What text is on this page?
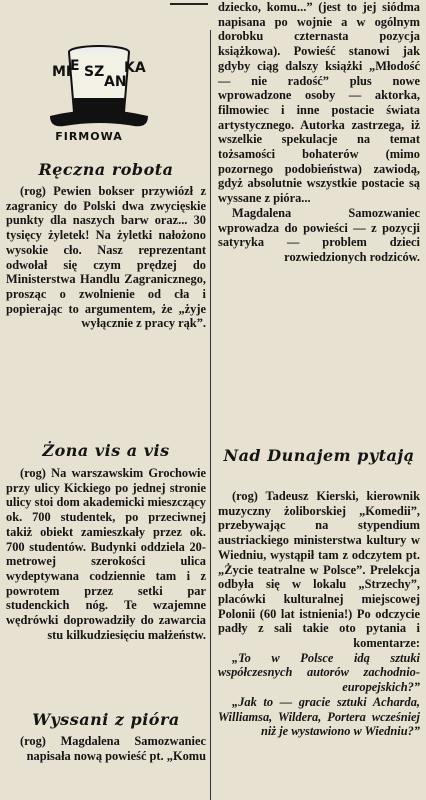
MI
E SZ
AN
KA
FIRMOWA
Ręczna robota

(rog) Pewien bokser przywiózł z zagranicy do Polski dwa zwycięskie punkty dla naszych barw oraz... 30 tysięcy żyletek! Na żyletki nałożono wysokie cło. Nasz reprezentant odwołał się czym prędzej do Ministerstwa Handlu Zagranicznego, prosząc o zwolnienie od cła i popierając to argumentem, że „żyje wyłącznie z pracy rąk”.

Żona vis a vis

(rog) Na warszawskim Grochowie przy ulicy Kickiego po jednej stronie ulicy stoi dom akademicki mieszczący ok. 700 studentek, po przeciwnej takiż obiekt zamieszkały przez ok. 700 studentów. Budynki oddziela 20-metrowej szerokości ulica wydeptywana codziennie tam i z powrotem przez setki par studenckich nóg. Te wzajemne wędrówki doprowadziły do zawarcia stu kilkudziesięciu małżeństw.

Wyssani z pióra

(rog) Magdalena Samozwaniec napisała nową powieść pt. „Komu

dziecko, komu...” (jest to jej siódma napisana po wojnie a w ogólnym dorobku czternasta pozycja książkowa). Powieść stanowi jak gdyby ciąg dalszy książki „Młodość — nie radość” plus nowe wprowadzone osoby — aktorka, filmowiec i inne postacie świata artystycznego. Autorka zastrzega, iż wszelkie spekulacje na temat tożsamości bohaterów (mimo pozornego podobieństwa) zawiodą, gdyż absolutnie wszystkie postacie są wyssane z pióra...

Magdalena Samozwaniec wprowadza do powieści — z pozycji satyryka — problem dzieci rozwiedzionych rodziców.

Nad Dunajem pytają

(rog) Tadeusz Kierski, kierownik muzyczny żoliborskiej „Komedii”, przebywając na stypendium austriackiego ministerstwa kultury w Wiedniu, wystąpił tam z odczytem pt. „Życie teatralne w Polsce”. Prelekcja odbyła się w lokalu „Strzechy”, placówki kulturalnej miejscowej Polonii (60 lat istnienia!) Po odczycie padły z sali takie oto pytania i komentarze:

„To w Polsce idą sztuki współczesnych autorów zachodnio-europejskich?”

„Jak to — gracie sztuki Acharda, Williamsa, Wildera, Portera wcześniej niż je wystawiono w Wiedniu?”
